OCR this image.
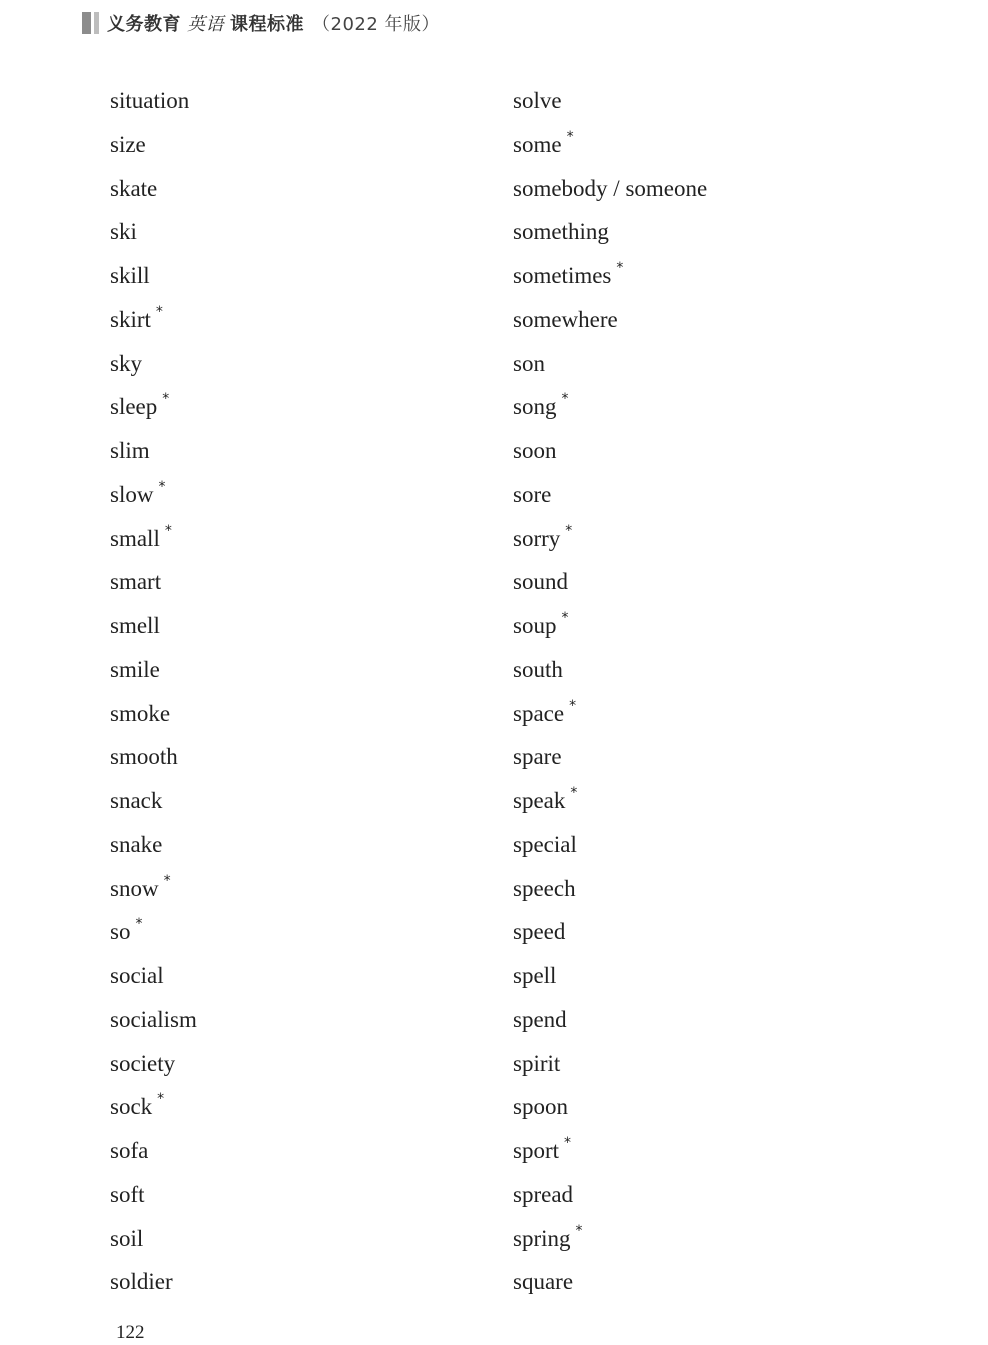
义务教育 英语 课程标准 （2022 年版）
situation
size
skate
ski
skill
skirt *
sky
sleep *
slim
slow *
small *
smart
smell
smile
smoke
smooth
snack
snake
snow *
so *
social
socialism
society
sock *
sofa
soft
soil
soldier
solve
some *
somebody / someone
something
sometimes *
somewhere
son
song *
soon
sore
sorry *
sound
soup *
south
space *
spare
speak *
special
speech
speed
spell
spend
spirit
spoon
sport *
spread
spring *
square
122
